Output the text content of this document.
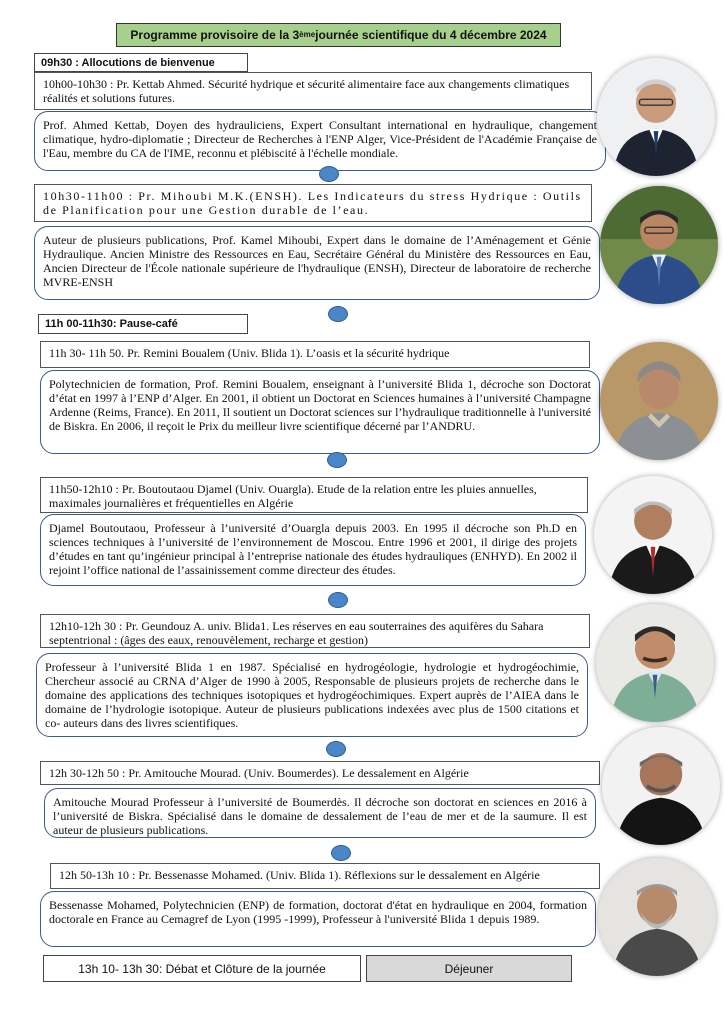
Programme provisoire de la 3 ème journée scientifique du 4 décembre 2024
09h30 : Allocutions de bienvenue
10h00-10h30 : Pr. Kettab Ahmed. Sécurité hydrique et sécurité alimentaire face aux changements climatiques réalités et solutions futures.
Prof. Ahmed Kettab, Doyen des hydrauliciens, Expert Consultant international en hydraulique, changement climatique, hydro-diplomatie ; Directeur de Recherches à l'ENP Alger, Vice-Président de l'Académie Française de l'Eau, membre du CA de l'IME, reconnu et plébiscité à l'échelle mondiale.
10h30-11h00 : Pr. Mihoubi M.K.(ENSH). Les Indicateurs du stress Hydrique : Outils de Planification pour une Gestion durable de l’eau.
Auteur de plusieurs publications, Prof. Kamel Mihoubi, Expert dans le domaine de l’Aménagement et Génie Hydraulique. Ancien Ministre des Ressources en Eau, Secrétaire Général du Ministère des Ressources en Eau, Ancien Directeur de l'École nationale supérieure de l'hydraulique (ENSH), Directeur de laboratoire de recherche MVRE-ENSH
11h 00-11h30: Pause-café
11h 30- 11h 50. Pr. Remini Boualem (Univ. Blida 1). L’oasis et la sécurité hydrique
Polytechnicien de formation, Prof. Remini Boualem, enseignant à l’université Blida 1, décroche son Doctorat d’état en 1997 à l’ENP d’Alger. En 2001, il obtient un Doctorat en Sciences humaines à l’université Champagne Ardenne (Reims, France). En 2011, Il soutient un Doctorat sciences sur l’hydraulique traditionnelle à l'université de Biskra. En 2006, il reçoit le Prix du meilleur livre scientifique décerné par l’ANDRU.
11h50-12h10 : Pr. Boutoutaou Djamel (Univ. Ouargla). Etude de la relation entre les pluies annuelles, maximales journalières et fréquentielles en Algérie
Djamel Boutoutaou, Professeur à l’université d’Ouargla depuis 2003. En 1995 il décroche son Ph.D en sciences techniques à l’université de l’environnement de Moscou. Entre 1996 et 2001, il dirige des projets d’études en tant qu’ingénieur principal à l’entreprise nationale des études hydrauliques (ENHYD). En 2002 il rejoint l’office national de l’assainissement comme directeur des études.
12h10-12h 30 : Pr. Geundouz A. univ. Blida1. Les réserves en eau souterraines des aquifères du Sahara septentrional : (âges des eaux, renouvèlement, recharge et gestion)
Professeur à l’université Blida 1 en 1987. Spécialisé en hydrogéologie, hydrologie et hydrogéochimie, Chercheur associé au CRNA d’Alger de 1990 à 2005, Responsable de plusieurs projets de recherche dans le domaine des applications des techniques isotopiques et hydrogéochimiques. Expert auprès de l’AIEA dans le domaine de l’hydrologie isotopique. Auteur de plusieurs publications indexées avec plus de 1500 citations et co- auteurs dans des livres scientifiques.
12h 30-12h 50 : Pr. Amitouche Mourad. (Univ. Boumerdes). Le dessalement en Algérie
Amitouche Mourad Professeur à l’université de Boumerdès. Il décroche son doctorat en sciences en 2016 à l’université de Biskra. Spécialisé dans le domaine de dessalement de l’eau de mer et de la saumure. Il est auteur de plusieurs publications.
12h 50-13h 10 : Pr. Bessenasse Mohamed. (Univ. Blida 1). Réflexions sur le dessalement en Algérie
Bessenasse Mohamed, Polytechnicien (ENP) de formation, doctorat d'état en hydraulique en 2004, formation doctorale en France au Cemagref de Lyon (1995 -1999), Professeur à l'université Blida 1 depuis 1989.
13h 10- 13h 30: Débat et Clôture de la journée	Déjeuner
